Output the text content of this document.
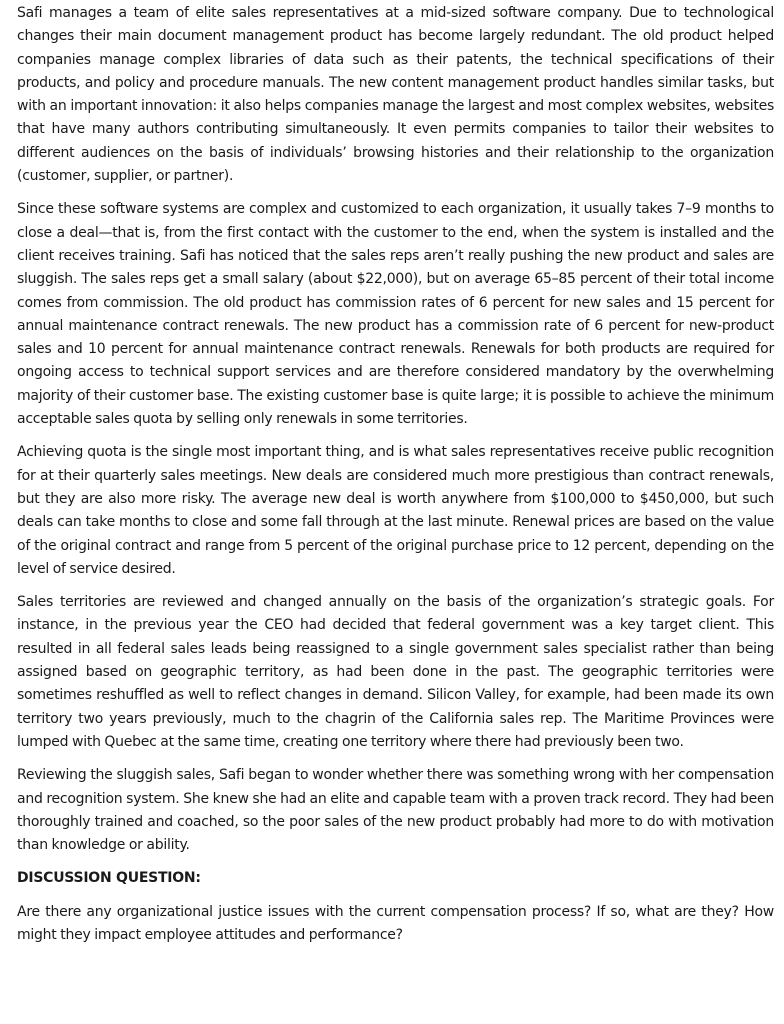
Safi manages a team of elite sales representatives at a mid-sized software company. Due to technological changes their main document management product has become largely redundant. The old product helped companies manage complex libraries of data such as their patents, the technical specifications of their products, and policy and procedure manuals. The new content management product handles similar tasks, but with an important innovation: it also helps companies manage the largest and most complex websites, websites that have many authors contributing simultaneously. It even permits companies to tailor their websites to different audiences on the basis of individuals’ browsing histories and their relationship to the organization (customer, supplier, or partner).

Since these software systems are complex and customized to each organization, it usually takes 7–9 months to close a deal—that is, from the first contact with the customer to the end, when the system is installed and the client receives training. Safi has noticed that the sales reps aren’t really pushing the new product and sales are sluggish. The sales reps get a small salary (about $22,000), but on average 65–85 percent of their total income comes from commission. The old product has commission rates of 6 percent for new sales and 15 percent for annual maintenance contract renewals. The new product has a commission rate of 6 percent for new-product sales and 10 percent for annual maintenance contract renewals. Renewals for both products are required for ongoing access to technical support services and are therefore considered mandatory by the overwhelming majority of their customer base. The existing customer base is quite large; it is possible to achieve the minimum acceptable sales quota by selling only renewals in some territories.

Achieving quota is the single most important thing, and is what sales representatives receive public recognition for at their quarterly sales meetings. New deals are considered much more prestigious than contract renewals, but they are also more risky. The average new deal is worth anywhere from $100,000 to $450,000, but such deals can take months to close and some fall through at the last minute. Renewal prices are based on the value of the original contract and range from 5 percent of the original purchase price to 12 percent, depending on the level of service desired.

Sales territories are reviewed and changed annually on the basis of the organization’s strategic goals. For instance, in the previous year the CEO had decided that federal government was a key target client. This resulted in all federal sales leads being reassigned to a single government sales specialist rather than being assigned based on geographic territory, as had been done in the past. The geographic territories were sometimes reshuffled as well to reflect changes in demand. Silicon Valley, for example, had been made its own territory two years previously, much to the chagrin of the California sales rep. The Maritime Provinces were lumped with Quebec at the same time, creating one territory where there had previously been two.

Reviewing the sluggish sales, Safi began to wonder whether there was something wrong with her compensation and recognition system. She knew she had an elite and capable team with a proven track record. They had been thoroughly trained and coached, so the poor sales of the new product probably had more to do with motivation than knowledge or ability.

DISCUSSION QUESTION:

Are there any organizational justice issues with the current compensation process? If so, what are they? How might they impact employee attitudes and performance?
